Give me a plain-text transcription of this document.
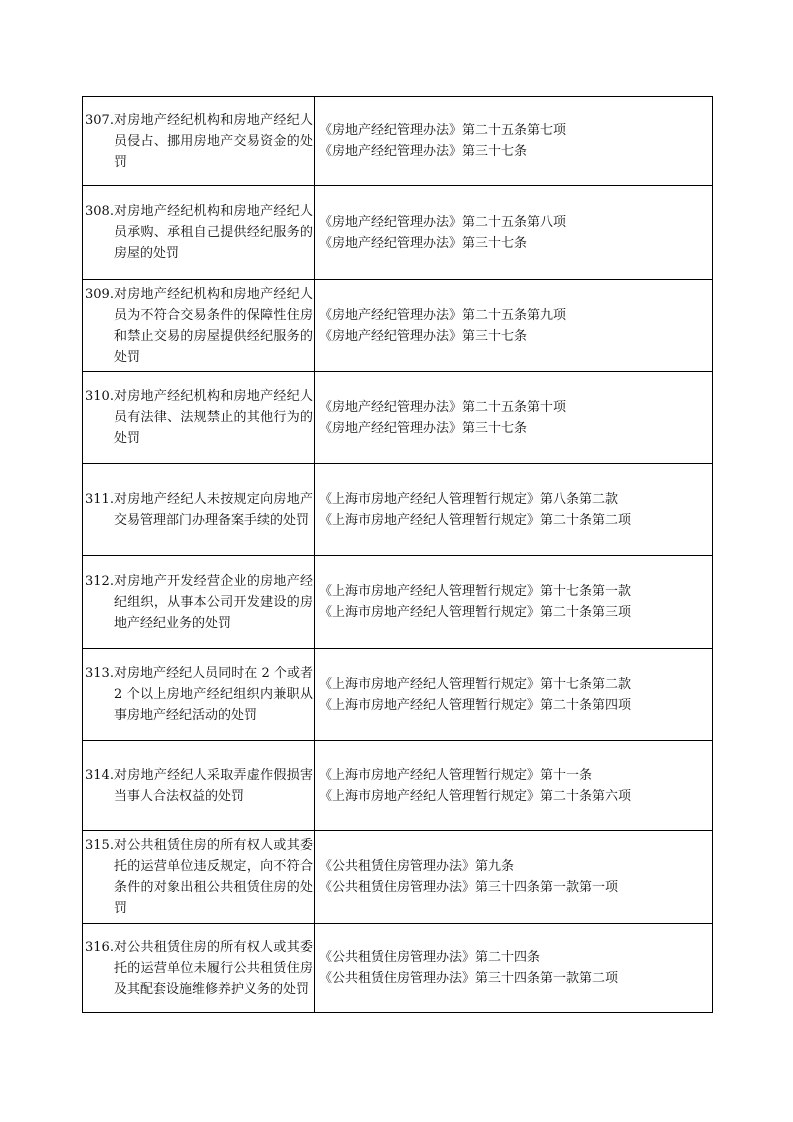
307. 对房地产经纪机构和房地产经纪人员侵占、挪用房地产交易资金的处罚	《房地产经纪管理办法》第二十五条第七项
《房地产经纪管理办法》第三十七条

308. 对房地产经纪机构和房地产经纪人员承购、承租自己提供经纪服务的房屋的处罚	《房地产经纪管理办法》第二十五条第八项
《房地产经纪管理办法》第三十七条

309. 对房地产经纪机构和房地产经纪人员为不符合交易条件的保障性住房和禁止交易的房屋提供经纪服务的处罚	《房地产经纪管理办法》第二十五条第九项
《房地产经纪管理办法》第三十七条

310. 对房地产经纪机构和房地产经纪人员有法律、法规禁止的其他行为的处罚	《房地产经纪管理办法》第二十五条第十项
《房地产经纪管理办法》第三十七条

311. 对房地产经纪人未按规定向房地产交易管理部门办理备案手续的处罚	《上海市房地产经纪人管理暂行规定》第八条第二款
《上海市房地产经纪人管理暂行规定》第二十条第二项

312. 对房地产开发经营企业的房地产经纪组织，从事本公司开发建设的房地产经纪业务的处罚	《上海市房地产经纪人管理暂行规定》第十七条第一款
《上海市房地产经纪人管理暂行规定》第二十条第三项

313. 对房地产经纪人员同时在 2 个或者 2 个以上房地产经纪组织内兼职从事房地产经纪活动的处罚	《上海市房地产经纪人管理暂行规定》第十七条第二款
《上海市房地产经纪人管理暂行规定》第二十条第四项

314. 对房地产经纪人采取弄虚作假损害当事人合法权益的处罚	《上海市房地产经纪人管理暂行规定》第十一条
《上海市房地产经纪人管理暂行规定》第二十条第六项

315. 对公共租赁住房的所有权人或其委托的运营单位违反规定，向不符合条件的对象出租公共租赁住房的处罚	《公共租赁住房管理办法》第九条
《公共租赁住房管理办法》第三十四条第一款第一项

316. 对公共租赁住房的所有权人或其委托的运营单位未履行公共租赁住房及其配套设施维修养护义务的处罚	《公共租赁住房管理办法》第二十四条
《公共租赁住房管理办法》第三十四条第一款第二项
